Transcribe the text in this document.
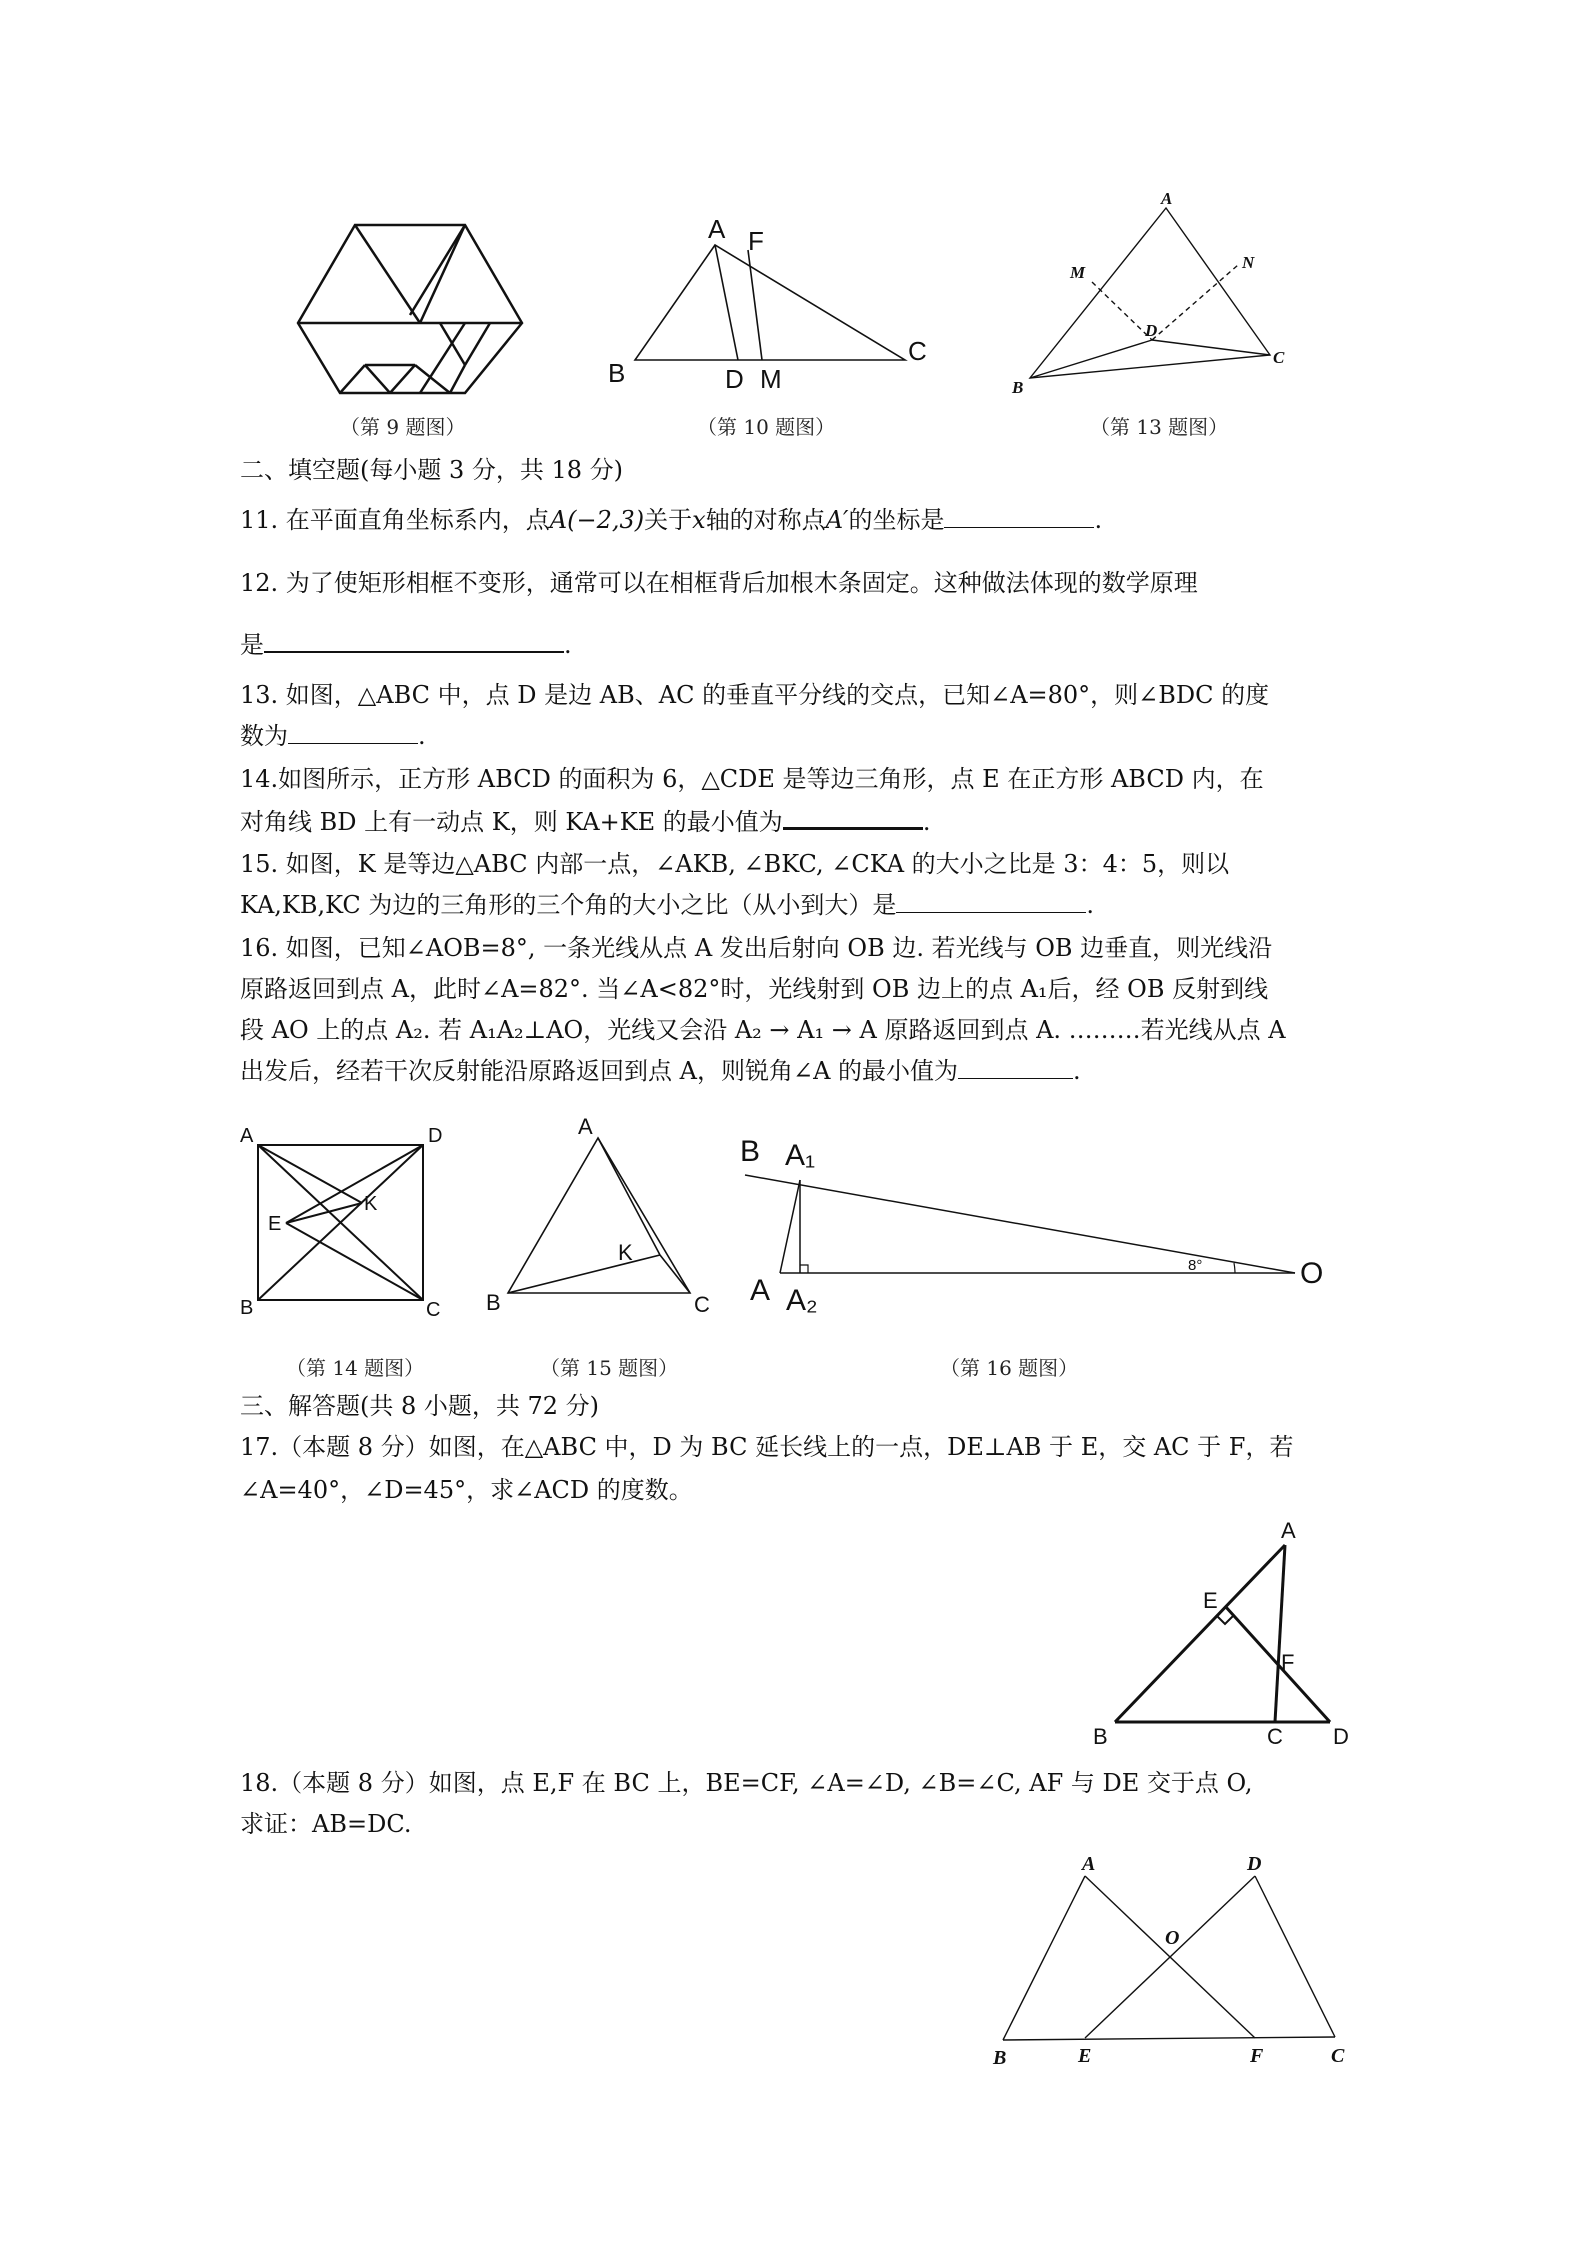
（第 9 题图）
A F
B	D M
C
（第 10 题图）
A
M
N
D
B
C
（第 13 题图）
二、填空题(每小题 3 分，共 18 分)
11. 在平面直角坐标系内，点A(−2,3)关于x轴的对称点A′的坐标是	.
12. 为了使矩形相框不变形，通常可以在相框背后加根木条固定。这种做法体现的数学原理
是	.
13. 如图，△ABC 中，点 D 是边 AB、AC 的垂直平分线的交点，已知∠A=80°，则∠BDC 的度
数为	.
14.如图所示，正方形 ABCD 的面积为 6，△CDE 是等边三角形，点 E 在正方形 ABCD 内，在
对角线 BD 上有一动点 K，则 KA+KE 的最小值为	.
15. 如图，K 是等边△ABC 内部一点，∠AKB, ∠BKC, ∠CKA 的大小之比是 3：4：5，则以
KA,KB,KC 为边的三角形的三个角的大小之比（从小到大）是	.
16. 如图，已知∠AOB=8°, 一条光线从点 A 发出后射向 OB 边. 若光线与 OB 边垂直，则光线沿
原路返回到点 A，此时∠A=82°. 当∠A<82°时，光线射到 OB 边上的点 A₁后，经 OB 反射到线
段 AO 上的点 A₂. 若 A₁A₂⊥AO，光线又会沿 A₂ → A₁ → A 原路返回到点 A. ………若光线从点 A
出发后，经若干次反射能沿原路返回到点 A，则锐角∠A 的最小值为	.
A	D
E
K
B	C
（第 14 题图）
A
K
B	C
（第 15 题图）
B A₁
A A₂
8°	O
（第 16 题图）
三、解答题(共 8 小题，共 72 分)
17.（本题 8 分）如图，在△ABC 中，D 为 BC 延长线上的一点，DE⊥AB 于 E，交 AC 于 F，若
∠A=40°，∠D=45°，求∠ACD 的度数。
A
E
F
B	C D
18.（本题 8 分）如图，点 E,F 在 BC 上，BE=CF, ∠A=∠D, ∠B=∠C, AF 与 DE 交于点 O,
求证：AB=DC.
A	D
O
B	E	F	C
